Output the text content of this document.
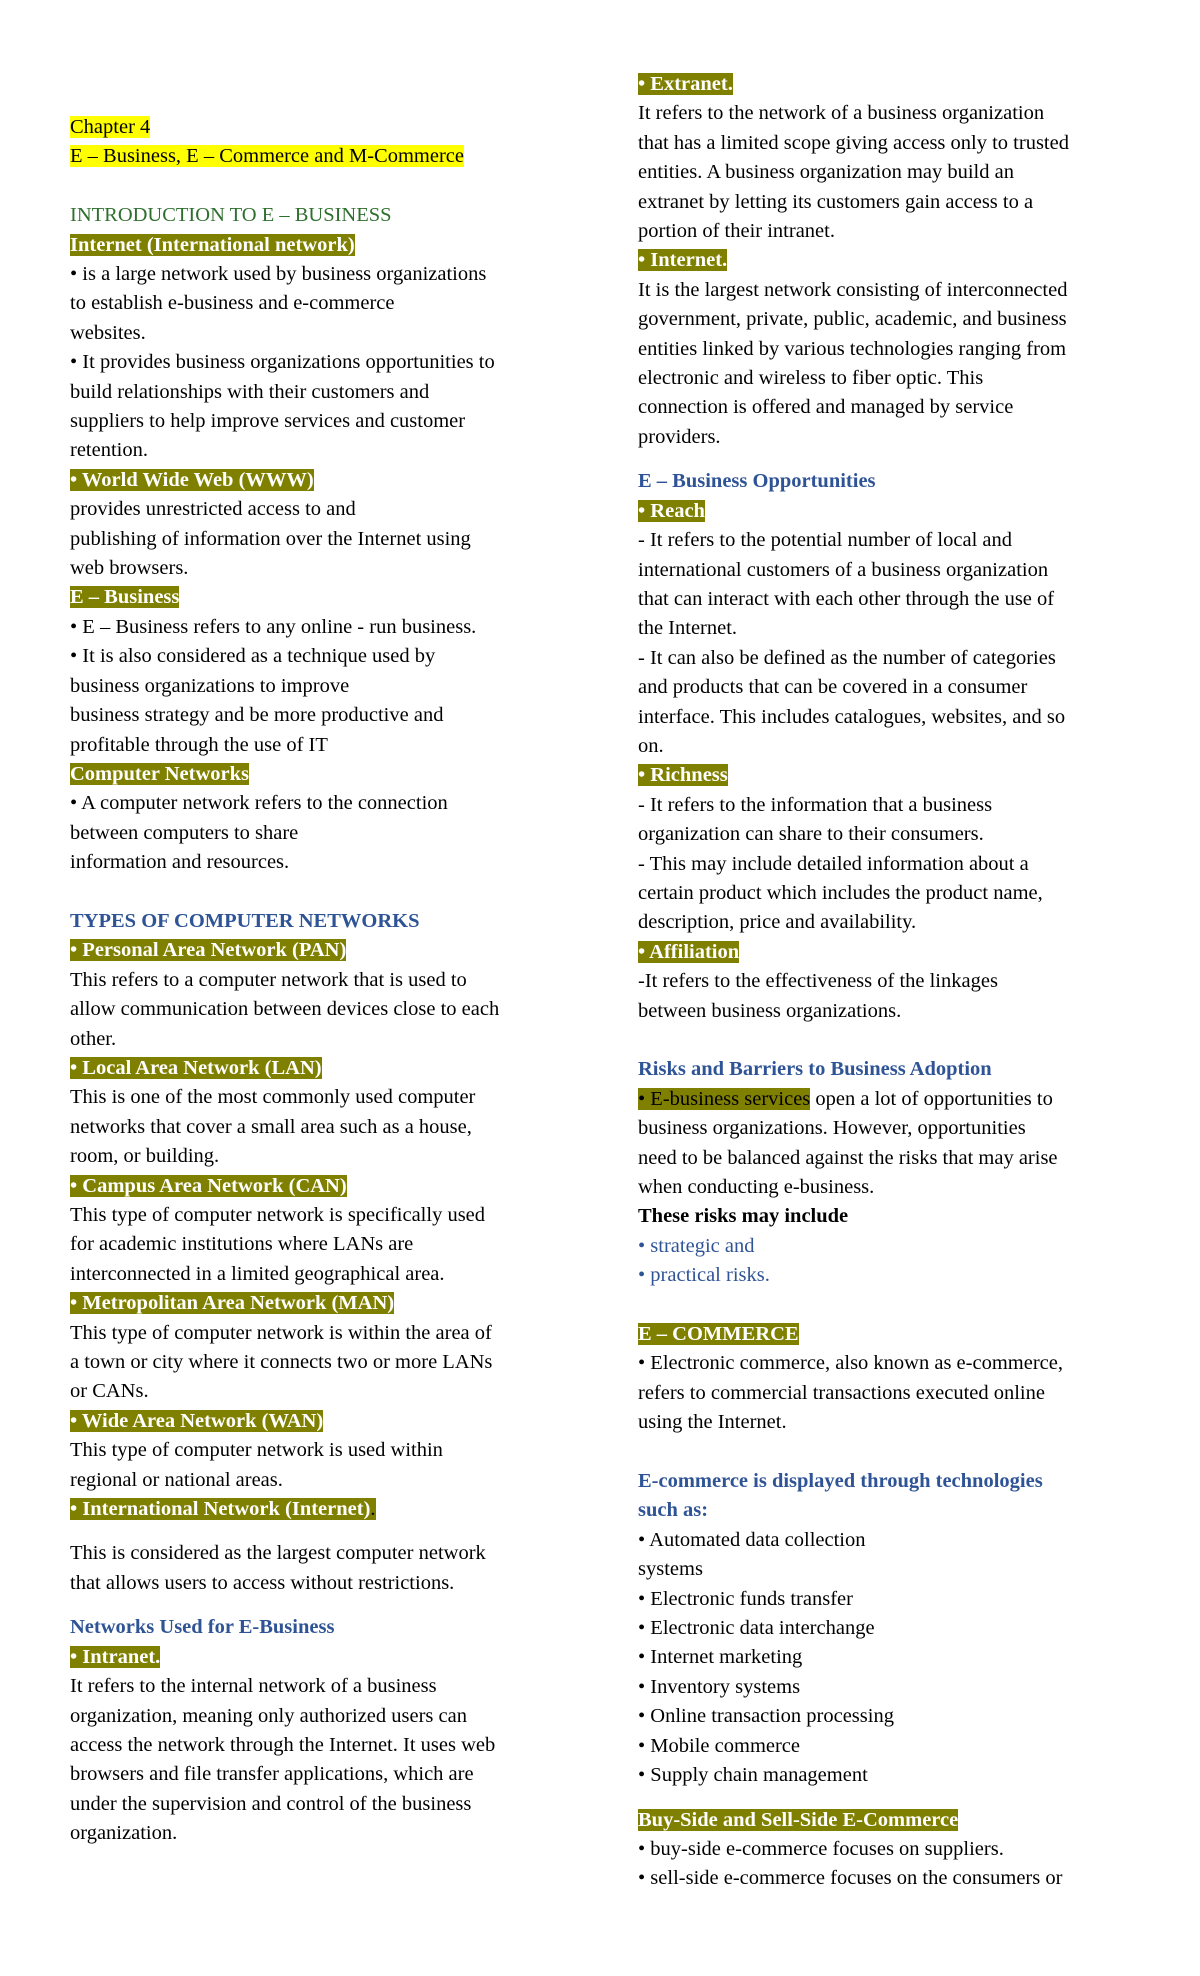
Chapter 4
E – Business, E – Commerce and M-Commerce
INTRODUCTION TO E – BUSINESS
Internet (International network)
• is a large network used by business organizations
to establish e-business and e-commerce
websites.
• It provides business organizations opportunities to
build relationships with their customers and
suppliers to help improve services and customer
retention.
• World Wide Web (WWW)
provides unrestricted access to and
publishing of information over the Internet using
web browsers.
E – Business
• E – Business refers to any online - run business.
• It is also considered as a technique used by
business organizations to improve
business strategy and be more productive and
profitable through the use of IT
Computer Networks
• A computer network refers to the connection
between computers to share
information and resources.
TYPES OF COMPUTER NETWORKS
• Personal Area Network (PAN)
This refers to a computer network that is used to
allow communication between devices close to each
other.
• Local Area Network (LAN)
This is one of the most commonly used computer
networks that cover a small area such as a house,
room, or building.
• Campus Area Network (CAN)
This type of computer network is specifically used
for academic institutions where LANs are
interconnected in a limited geographical area.
• Metropolitan Area Network (MAN)
This type of computer network is within the area of
a town or city where it connects two or more LANs
or CANs.
• Wide Area Network (WAN)
This type of computer network is used within
regional or national areas.
• International Network (Internet).
This is considered as the largest computer network
that allows users to access without restrictions.
Networks Used for E-Business
• Intranet.
It refers to the internal network of a business
organization, meaning only authorized users can
access the network through the Internet. It uses web
browsers and file transfer applications, which are
under the supervision and control of the business
organization.
• Extranet.
It refers to the network of a business organization
that has a limited scope giving access only to trusted
entities. A business organization may build an
extranet by letting its customers gain access to a
portion of their intranet.
• Internet.
It is the largest network consisting of interconnected
government, private, public, academic, and business
entities linked by various technologies ranging from
electronic and wireless to fiber optic. This
connection is offered and managed by service
providers.
E – Business Opportunities
• Reach
- It refers to the potential number of local and
international customers of a business organization
that can interact with each other through the use of
the Internet.
- It can also be defined as the number of categories
and products that can be covered in a consumer
interface. This includes catalogues, websites, and so
on.
• Richness
- It refers to the information that a business
organization can share to their consumers.
- This may include detailed information about a
certain product which includes the product name,
description, price and availability.
• Affiliation
-It refers to the effectiveness of the linkages
between business organizations.
Risks and Barriers to Business Adoption
• E-business services open a lot of opportunities to
business organizations. However, opportunities
need to be balanced against the risks that may arise
when conducting e-business.
These risks may include
• strategic and
• practical risks.
E – COMMERCE
• Electronic commerce, also known as e-commerce,
refers to commercial transactions executed online
using the Internet.
E-commerce is displayed through technologies
such as:
• Automated data collection
systems
• Electronic funds transfer
• Electronic data interchange
• Internet marketing
• Inventory systems
• Online transaction processing
• Mobile commerce
• Supply chain management
Buy-Side and Sell-Side E-Commerce
• buy-side e-commerce focuses on suppliers.
• sell-side e-commerce focuses on the consumers or
